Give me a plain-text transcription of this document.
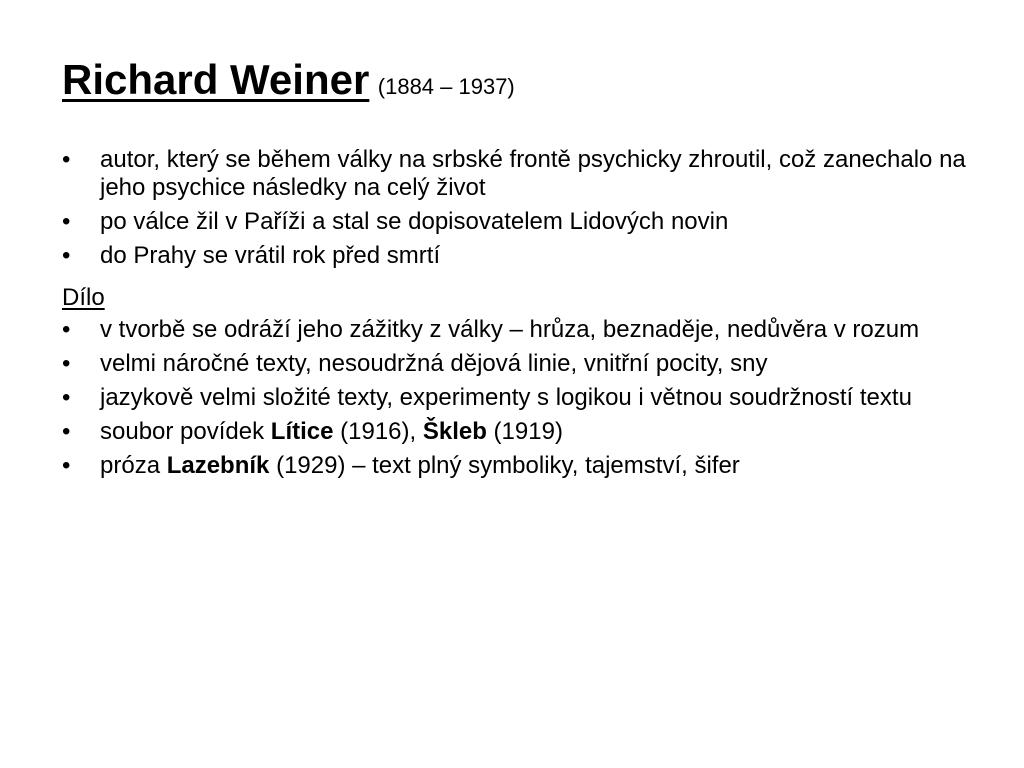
Richard Weiner (1884 – 1937)
•	autor, který se během války na srbské frontě psychicky zhroutil, což zanechalo na jeho psychice následky na celý život
•	po válce žil v Paříži a stal se dopisovatelem Lidových novin
•	do Prahy se vrátil rok před smrtí
Dílo
•	v tvorbě se odráží jeho zážitky z války – hrůza, beznaděje, nedůvěra v rozum
•	velmi náročné texty, nesoudržná dějová linie, vnitřní pocity, sny
•	jazykově velmi složité texty, experimenty s logikou i větnou soudržností textu
•	soubor povídek Lítice (1916), Škleb (1919)
•	próza Lazebník (1929) – text plný symboliky, tajemství, šifer
